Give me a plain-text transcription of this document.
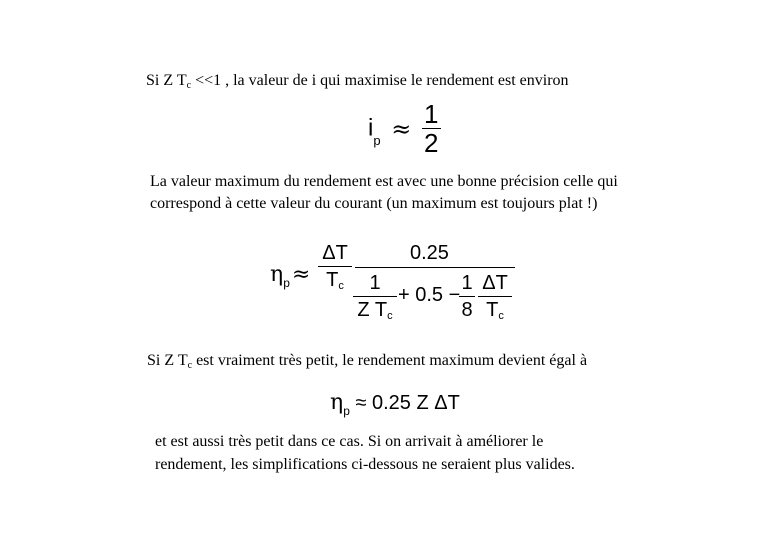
Si Z Tc <<1 , la valeur de i qui maximise le rendement est environ
$i_p \approx \frac{1}{2}$
La valeur maximum du rendement est avec une bonne précision celle qui
correspond à cette valeur du courant (un maximum est toujours plat !)
$\eta_p\approx$
ΔT
Tc
0.25
1
Z Tc
+ 0.5 −
1
8
ΔT
Tc
Si Z Tc est vraiment très petit, le rendement maximum devient égal à
$\eta_p \approx 0.25$ Z ΔT
et est aussi très petit dans ce cas. Si on arrivait à améliorer le
rendement, les simplifications ci-dessous ne seraient plus valides.
